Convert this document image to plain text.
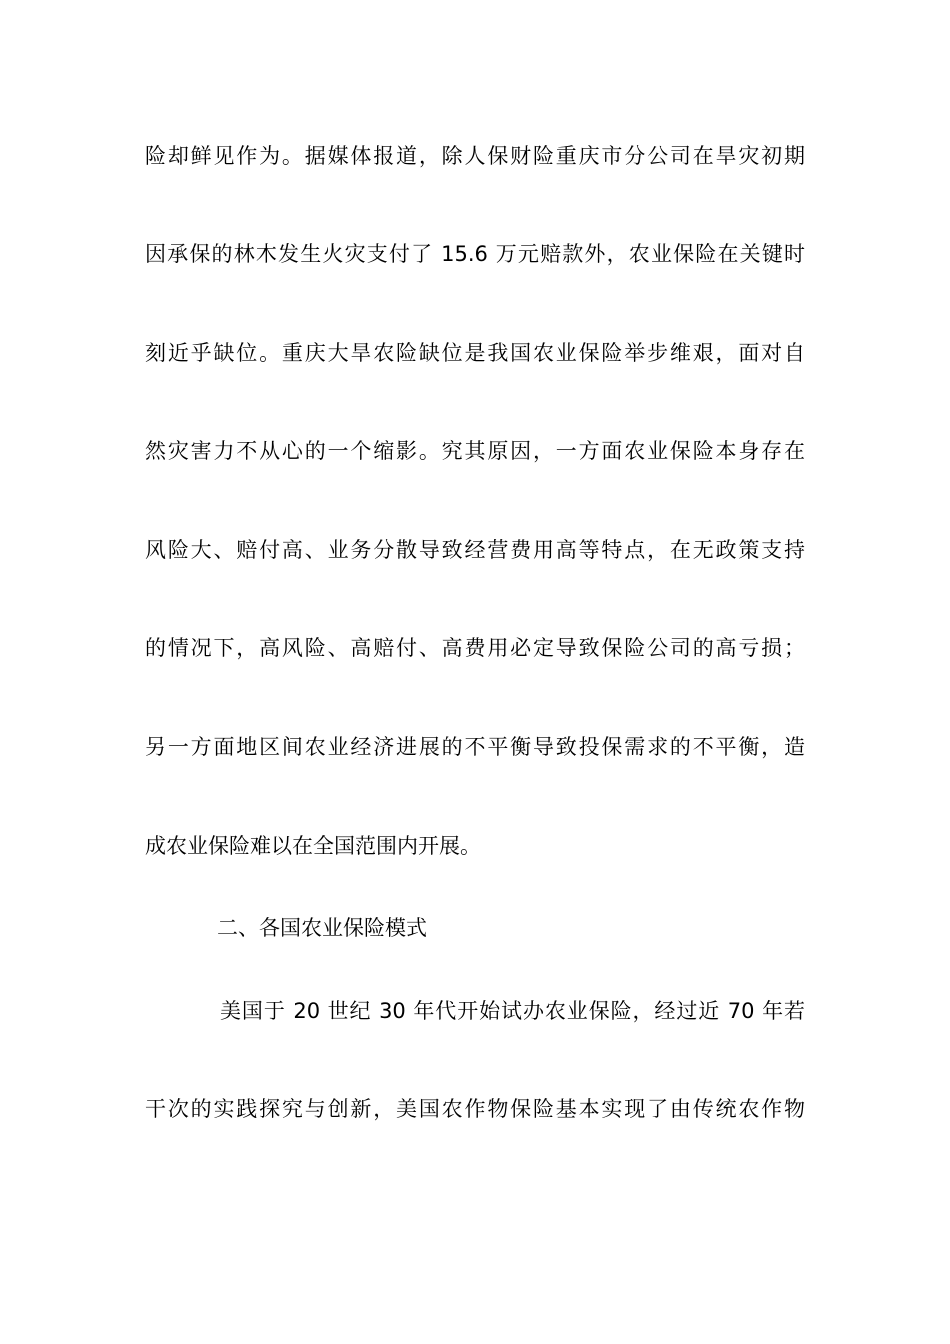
险却鲜见作为。据媒体报道，除人保财险重庆市分公司在旱灾初期
因承保的林木发生火灾支付了 15.6 万元赔款外，农业保险在关键时
刻近乎缺位。重庆大旱农险缺位是我国农业保险举步维艰，面对自
然灾害力不从心的一个缩影。究其原因，一方面农业保险本身存在
风险大、赔付高、业务分散导致经营费用高等特点，在无政策支持
的情况下，高风险、高赔付、高费用必定导致保险公司的高亏损；
另一方面地区间农业经济进展的不平衡导致投保需求的不平衡，造
成农业保险难以在全国范围内开展。
二、各国农业保险模式
美国于 20 世纪 30 年代开始试办农业保险，经过近 70 年若
干次的实践探究与创新，美国农作物保险基本实现了由传统农作物
